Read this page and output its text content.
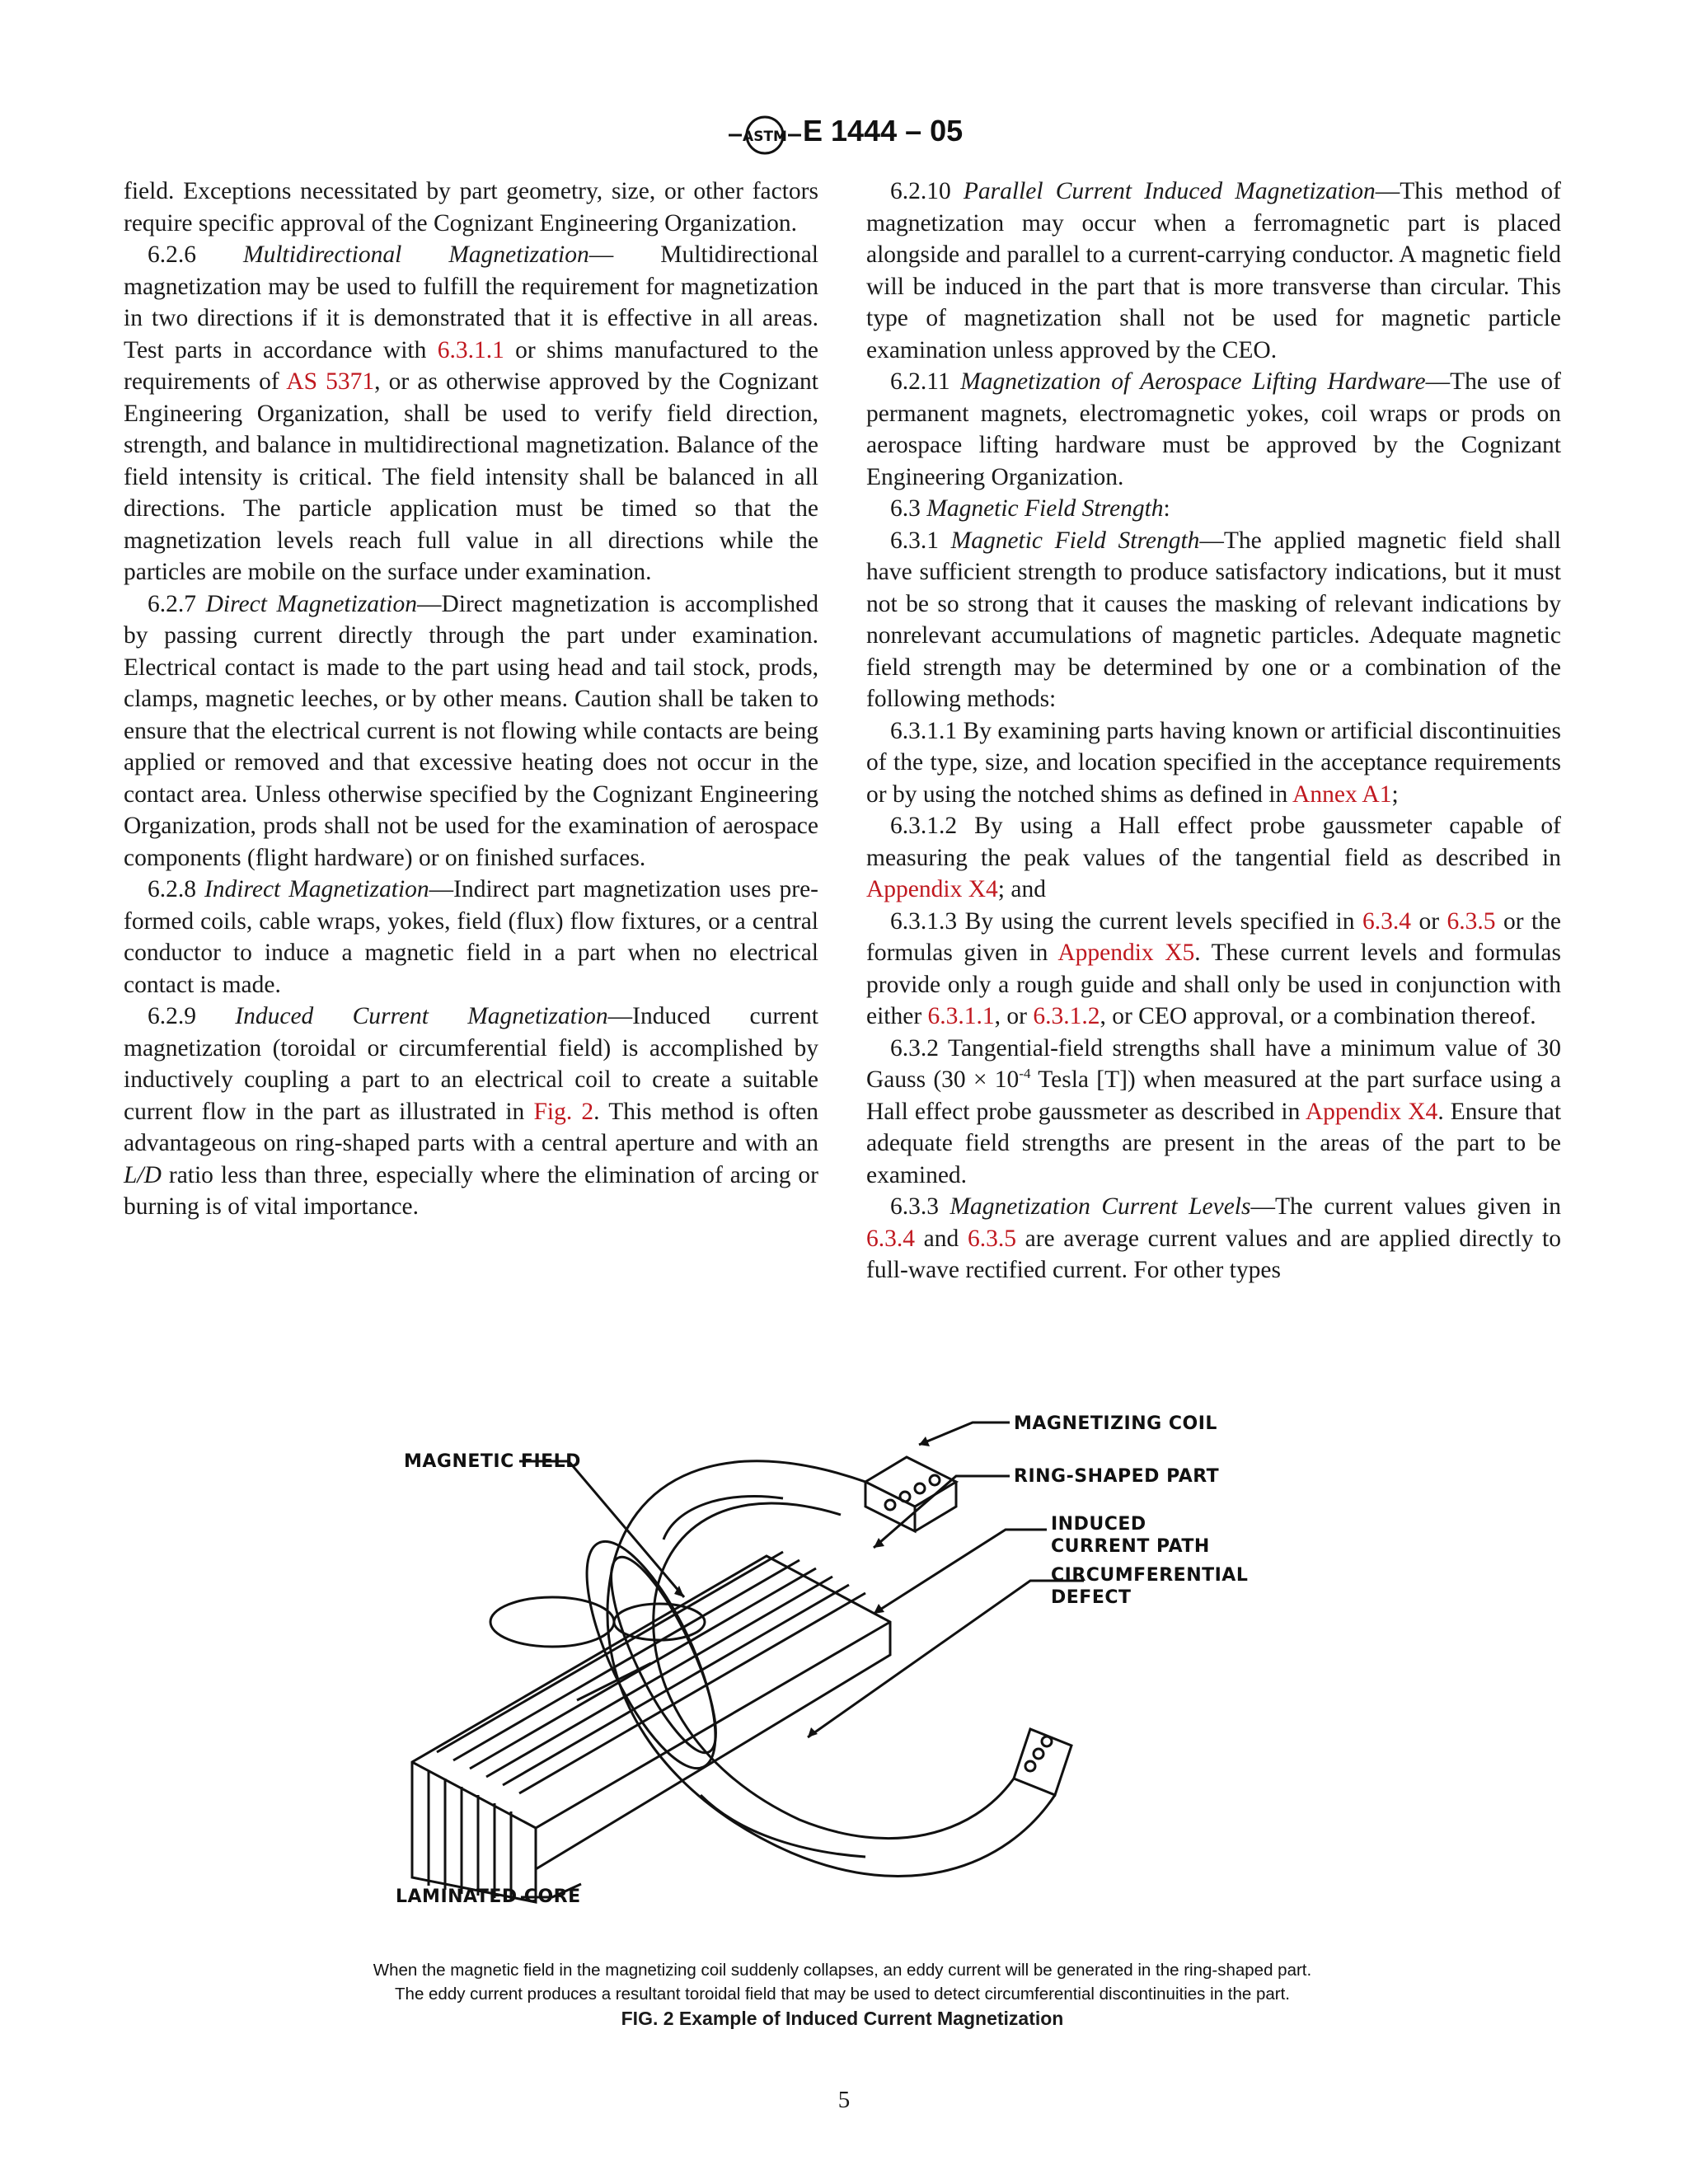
ASTM E 1444 – 05

field. Exceptions necessitated by part geometry, size, or other factors require specific approval of the Cognizant Engineering Organization.

6.2.6 Multidirectional Magnetization— Multidirectional magnetization may be used to fulfill the requirement for magnetization in two directions if it is demonstrated that it is effective in all areas. Test parts in accordance with 6.3.1.1 or shims manufactured to the requirements of AS 5371, or as otherwise approved by the Cognizant Engineering Organization, shall be used to verify field direction, strength, and balance in multidirectional magnetization. Balance of the field intensity is critical. The field intensity shall be balanced in all directions. The particle application must be timed so that the magnetization levels reach full value in all directions while the particles are mobile on the surface under examination.

6.2.7 Direct Magnetization—Direct magnetization is accomplished by passing current directly through the part under examination. Electrical contact is made to the part using head and tail stock, prods, clamps, magnetic leeches, or by other means. Caution shall be taken to ensure that the electrical current is not flowing while contacts are being applied or removed and that excessive heating does not occur in the contact area. Unless otherwise specified by the Cognizant Engineering Organization, prods shall not be used for the examination of aerospace components (flight hardware) or on finished surfaces.

6.2.8 Indirect Magnetization—Indirect part magnetization uses pre-formed coils, cable wraps, yokes, field (flux) flow fixtures, or a central conductor to induce a magnetic field in a part when no electrical contact is made.

6.2.9 Induced Current Magnetization—Induced current magnetization (toroidal or circumferential field) is accomplished by inductively coupling a part to an electrical coil to create a suitable current flow in the part as illustrated in Fig. 2. This method is often advantageous on ring-shaped parts with a central aperture and with an L/D ratio less than three, especially where the elimination of arcing or burning is of vital importance.

6.2.10 Parallel Current Induced Magnetization—This method of magnetization may occur when a ferromagnetic part is placed alongside and parallel to a current-carrying conductor. A magnetic field will be induced in the part that is more transverse than circular. This type of magnetization shall not be used for magnetic particle examination unless approved by the CEO.

6.2.11 Magnetization of Aerospace Lifting Hardware—The use of permanent magnets, electromagnetic yokes, coil wraps or prods on aerospace lifting hardware must be approved by the Cognizant Engineering Organization.

6.3 Magnetic Field Strength:

6.3.1 Magnetic Field Strength—The applied magnetic field shall have sufficient strength to produce satisfactory indications, but it must not be so strong that it causes the masking of relevant indications by nonrelevant accumulations of magnetic particles. Adequate magnetic field strength may be determined by one or a combination of the following methods:

6.3.1.1 By examining parts having known or artificial discontinuities of the type, size, and location specified in the acceptance requirements or by using the notched shims as defined in Annex A1;

6.3.1.2 By using a Hall effect probe gaussmeter capable of measuring the peak values of the tangential field as described in Appendix X4; and

6.3.1.3 By using the current levels specified in 6.3.4 or 6.3.5 or the formulas given in Appendix X5. These current levels and formulas provide only a rough guide and shall only be used in conjunction with either 6.3.1.1, or 6.3.1.2, or CEO approval, or a combination thereof.

6.3.2 Tangential-field strengths shall have a minimum value of 30 Gauss ($30 \times 10^{-4}$ Tesla [T]) when measured at the part surface using a Hall effect probe gaussmeter as described in Appendix X4. Ensure that adequate field strengths are present in the areas of the part to be examined.

6.3.3 Magnetization Current Levels—The current values given in 6.3.4 and 6.3.5 are average current values and are applied directly to full-wave rectified current. For other types

MAGNETIZING COIL
MAGNETIC FIELD
RING-SHAPED PART
INDUCED
CURRENT PATH
CIRCUMFERENTIAL
DEFECT
LAMINATED CORE
When the magnetic field in the magnetizing coil suddenly collapses, an eddy current will be generated in the ring-shaped part.
The eddy current produces a resultant toroidal field that may be used to detect circumferential discontinuities in the part.
FIG. 2 Example of Induced Current Magnetization
5
